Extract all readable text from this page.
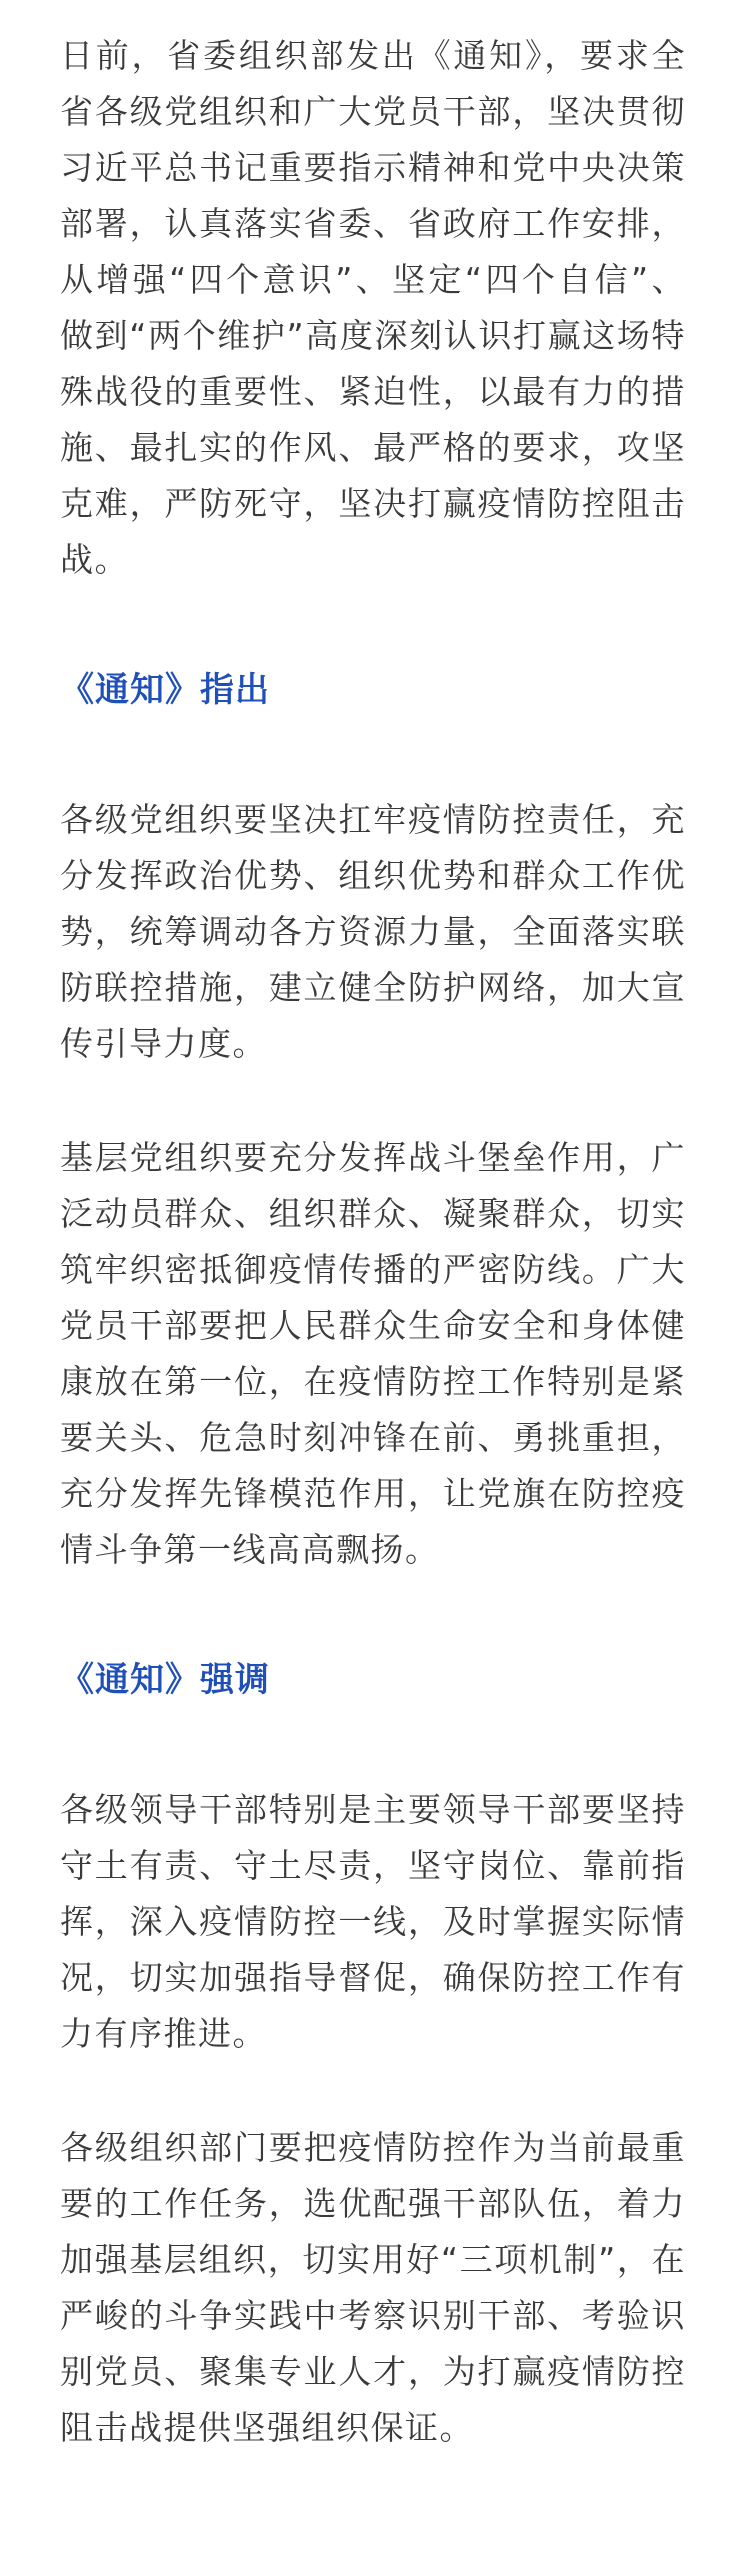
日前，省委组织部发出《通知》，要求全省各级党组织和广大党员干部，坚决贯彻习近平总书记重要指示精神和党中央决策部署，认真落实省委、省政府工作安排，从增强“四个意识”、坚定“四个自信”、做到“两个维护”高度深刻认识打赢这场特殊战役的重要性、紧迫性，以最有力的措施、最扎实的作风、最严格的要求，攻坚克难，严防死守，坚决打赢疫情防控阻击战。

《通知》指出

各级党组织要坚决扛牢疫情防控责任，充分发挥政治优势、组织优势和群众工作优势，统筹调动各方资源力量，全面落实联防联控措施，建立健全防护网络，加大宣传引导力度。

基层党组织要充分发挥战斗堡垒作用，广泛动员群众、组织群众、凝聚群众，切实筑牢织密抵御疫情传播的严密防线。广大党员干部要把人民群众生命安全和身体健康放在第一位，在疫情防控工作特别是紧要关头、危急时刻冲锋在前、勇挑重担，充分发挥先锋模范作用，让党旗在防控疫情斗争第一线高高飘扬。

《通知》强调

各级领导干部特别是主要领导干部要坚持守土有责、守土尽责，坚守岗位、靠前指挥，深入疫情防控一线，及时掌握实际情况，切实加强指导督促，确保防控工作有力有序推进。

各级组织部门要把疫情防控作为当前最重要的工作任务，选优配强干部队伍，着力加强基层组织，切实用好“三项机制”，在严峻的斗争实践中考察识别干部、考验识别党员、聚集专业人才，为打赢疫情防控阻击战提供坚强组织保证。
